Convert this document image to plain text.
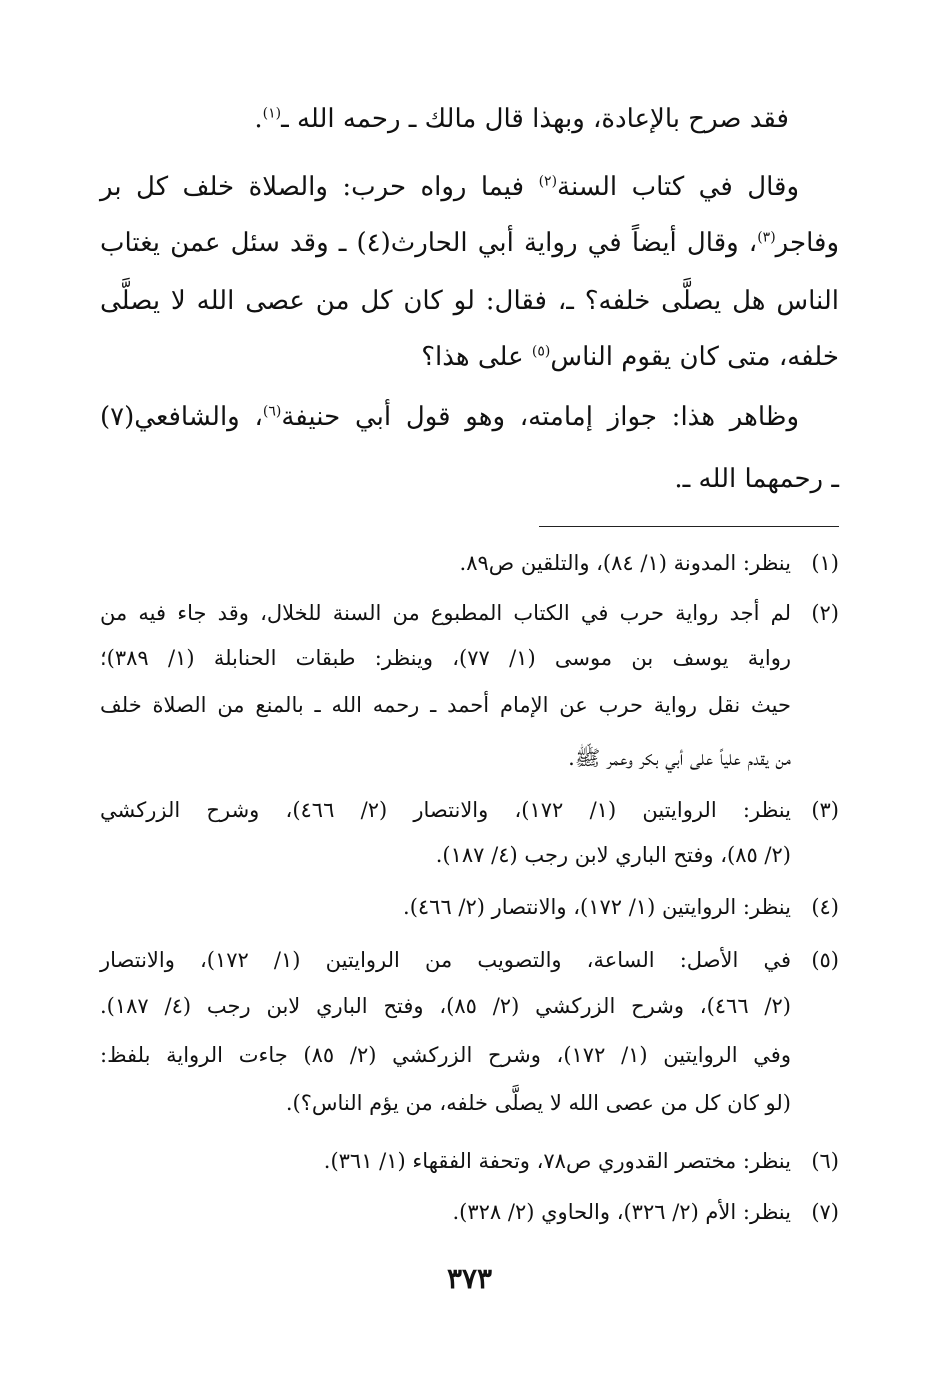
فقد صرح بالإعادة، وبهذا قال مالك ـ رحمه الله ـ$^{(١)}$.
وقال في كتاب السنة$^{(٢)}$ فيما رواه حرب: والصلاة خلف كل بر
وفاجر$^{(٣)}$، وقال أيضاً في رواية أبي الحارث(٤) ـ وقد سئل عمن يغتاب
الناس هل يصلَّى خلفه؟ ـ، فقال: لو كان كل من عصى الله لا يصلَّى
خلفه، متى كان يقوم الناس$^{(٥)}$ على هذا؟
وظاهر هذا: جواز إمامته، وهو قول أبي حنيفة$^{(٦)}$، والشافعي(٧)
ـ رحمهما الله ـ.
(١)
ينظر: المدونة (١/ ٨٤)، والتلقين ص٨٩.
(٢)
لم أجد رواية حرب في الكتاب المطبوع من السنة للخلال، وقد جاء فيه من
رواية يوسف بن موسى (١/ ٧٧)، وينظر: طبقات الحنابلة (١/ ٣٨٩)؛
حيث نقل رواية حرب عن الإمام أحمد ـ رحمه الله ـ بالمنع من الصلاة خلف
من يقدم علياً على أبي بكر وعمر ﷺ.
(٣)
ينظر: الروايتين (١/ ١٧٢)، والانتصار (٢/ ٤٦٦)، وشرح الزركشي
(٢/ ٨٥)، وفتح الباري لابن رجب (٤/ ١٨٧).
(٤)
ينظر: الروايتين (١/ ١٧٢)، والانتصار (٢/ ٤٦٦).
(٥)
في الأصل: الساعة، والتصويب من الروايتين (١/ ١٧٢)، والانتصار
(٢/ ٤٦٦)، وشرح الزركشي (٢/ ٨٥)، وفتح الباري لابن رجب (٤/ ١٨٧).
وفي الروايتين (١/ ١٧٢)، وشرح الزركشي (٢/ ٨٥) جاءت الرواية بلفظ:
(لو كان كل من عصى الله لا يصلَّى خلفه، من يؤم الناس؟).
(٦)
ينظر: مختصر القدوري ص٧٨، وتحفة الفقهاء (١/ ٣٦١).
(٧)
ينظر: الأم (٢/ ٣٢٦)، والحاوي (٢/ ٣٢٨).
٣٧٣
